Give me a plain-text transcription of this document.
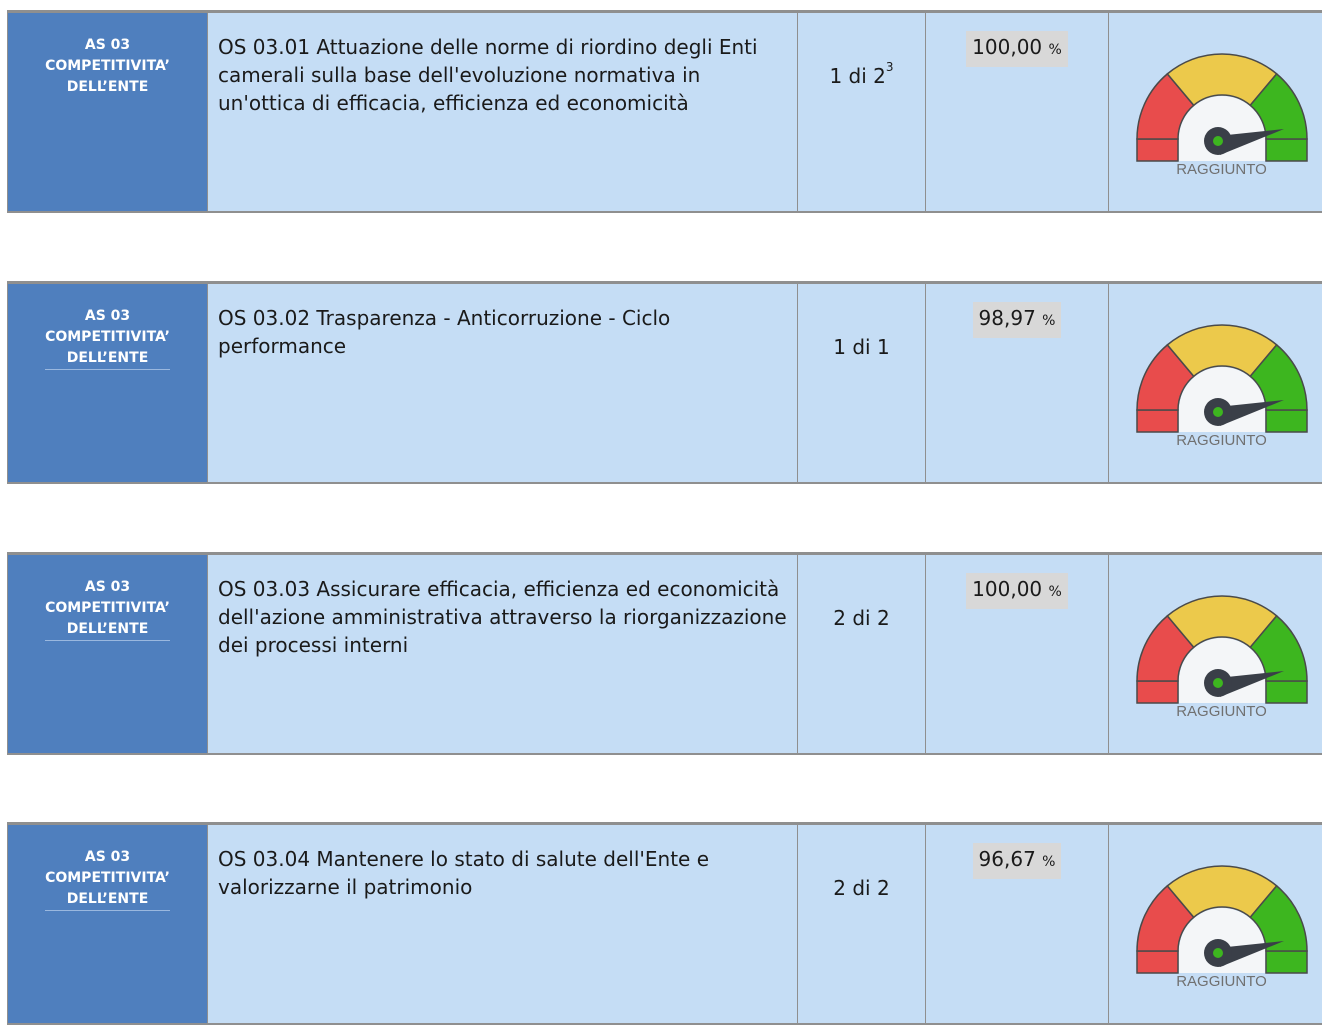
AS 03
COMPETITIVITA’
DELL’ENTE
OS 03.01 Attuazione delle norme di riordino degli Enti camerali sulla base dell'evoluzione normativa in un'ottica di efficacia, efficienza ed economicità
1 di $2^3$
100,00 %
RAGGIUNTO
AS 03
COMPETITIVITA’
DELL’ENTE
OS 03.02 Trasparenza - Anticorruzione - Ciclo performance	1 di 1
98,97 %
RAGGIUNTO
AS 03
COMPETITIVITA’
DELL’ENTE
OS 03.03 Assicurare efficacia, efficienza ed economicità dell'azione amministrativa attraverso la riorganizzazione dei processi interni
2 di 2
100,00 %
RAGGIUNTO
AS 03
COMPETITIVITA’
DELL’ENTE
OS 03.04 Mantenere lo stato di salute dell'Ente e valorizzarne il patrimonio	2 di 2
96,67 %
RAGGIUNTO
